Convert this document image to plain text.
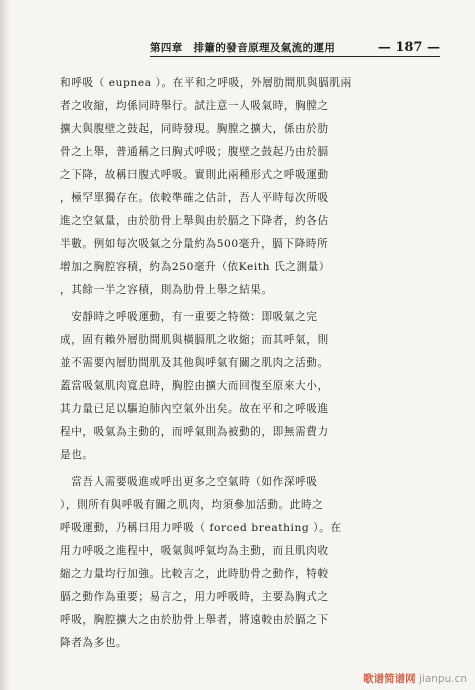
第四章　排簫的發音原理及氣流的運用	— 187 —
和呼吸（ eupnea ）。在平和之呼吸，外層肋間肌與膈肌兩
者之收縮，均係同時舉行。試注意一人吸氣時，胸膛之
擴大與腹壁之鼓起，同時發現。胸膛之擴大，係由於肋
骨之上舉，普通稱之曰胸式呼吸；腹壁之鼓起乃由於膈
之下降，故稱曰腹式呼吸。實則此兩種形式之呼吸運動
，極罕單獨存在。依較準確之估計，吾人平時每次所吸
進之空氣量，由於肋骨上舉與由於膈之下降者，約各佔
半數。例如每次吸氣之分量約為500毫升，膈下降時所
增加之胸腔容積，約為250毫升（依Keith 氏之測量）
，其餘一半之容積，則為肋骨上舉之結果。
　安靜時之呼吸運動，有一重要之特徵：即吸氣之完
成，固有賴外層肋間肌與橫膈肌之收縮；而其呼氣，則
並不需要內層肋間肌及其他與呼氣有關之肌肉之活動。
蓋當吸氣肌肉寬息時，胸腔由擴大而回復至原來大小，
其力量已足以驅迫肺內空氣外出矣。故在平和之呼吸進
程中，吸氣為主動的，而呼氣則為被動的，即無需費力
是也。
　當吾人需要吸進或呼出更多之空氣時（如作深呼吸
），則所有與呼吸有關之肌肉，均須參加活動。此時之
呼吸運動，乃稱曰用力呼吸（ forced breathing ）。在
用力呼吸之進程中，吸氣與呼氣均為主動，而且肌肉收
縮之力量均行加強。比較言之，此時肋骨之動作，特較
膈之動作為重要；易言之，用力呼吸時，主要為胸式之
呼吸，胸腔擴大之由於肋骨上舉者，將遠較由於膈之下
降者為多也。
歌谱简谱网 jianpu.cn
